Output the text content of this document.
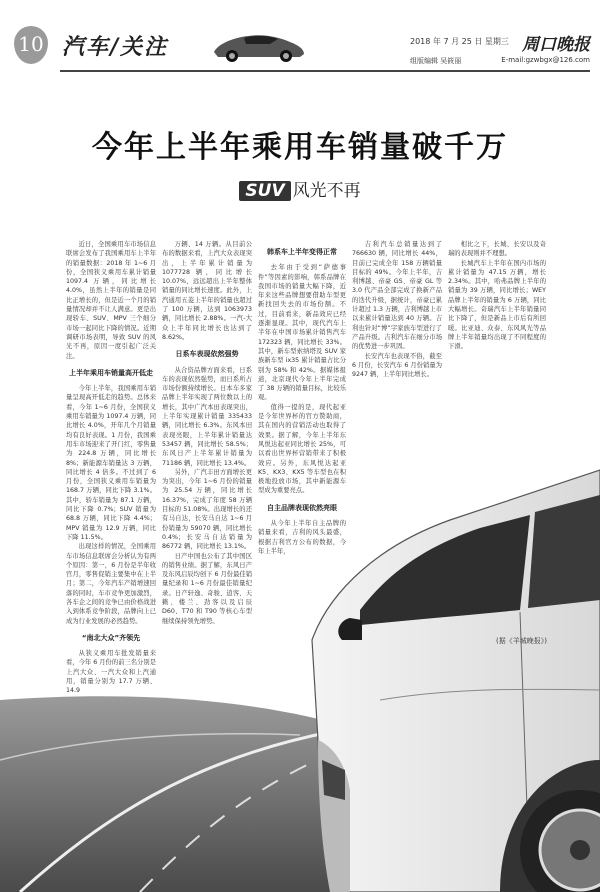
10 汽车/关注	2018 年 7 月 25 日 星期三 周口晚报
组版编辑 吴筱丽	E-mail:gzwbgx@126.com
今年上半年乘用车销量破千万
SUV 风光不再

近日，全国乘用车市场信息联席会发布了我国乘用车上半年的销量数据：2018 年 1~6 月份，全国狭义乘用车累计销量 1097.4 万辆，同比增长 4.0%，虽然上半年的销量是同比正增长的，但是近一个月的销量情况却并不让人满意。更是出现轿车、SUV、MPV 三个细分市场一起同比下降的情况。近期调研市场表明，导致 SUV 的风光不再，原因一度引起广泛关注。

上半年乘用车销量高开低走

今年上半年，我国乘用车销量呈现高开低走的趋势。总体来看，今年 1~6 月份，全国狭义乘用车销量为 1097.4 万辆，同比增长 4.0%，开年几个月销量均有良好表现。1 月份，我国乘用车市场迎来了开门红，零售量为 224.8 万辆，同比增长 8%；新能源车销量达 3 万辆，同比增长 4 倍多。不过到了 6 月份，全国狭义乘用车销量为 168.7 万辆，同比下降 3.1%。其中，轿车销量为 87.1 万辆，同比下降 0.7%；SUV 销量为 68.8 万辆，同比下降 4.4%；MPV 销量为 12.9 万辆，同比下降 11.5%。

出现这样的情况，全国乘用车市场信息联席会分析认为有两个原因：第一，6 月份是半年收官月，零售促销主要集中在上半月；第二，今年汽车产销增速回落的同时，车市竞争更加激烈，各车企之间的竞争已由价格战进入到体系竞争阶段，品牌向上已成为行业发展的必然趋势。

“南北大众”齐领先

从狭义乘用车批发销量来看，今年 6 月份的前三名分别是上汽大众、一汽大众和上汽通用，销量分别为 17.7 万辆、14.9

万辆、14 万辆。从目前公布的数据来看，上汽大众表现突出，上半年累计销量为 1077728 辆，同比增长 10.07%，远远超出上半年整体销量的同比增长速度。此外，上汽通用五菱上半年的销量也超过了 100 万辆，达到 1063973 辆，同比增长 2.88%。一汽-大众上半年同比增长也达到了 8.62%。

日系车表现依然强势

从合资品牌方面来看，日系车的表现依然强势，而日系所占市场份额持续增长。日本车多家品牌上半年实现了两位数以上的增长，其中广汽本田表现突出，上半年实现累计销量 335433 辆，同比增长 6.3%。东风本田表现亮眼，上半年累计销量达 53457 辆，同比增长 58.5%；东风日产上半年累计销量为 71186 辆，同比增长 13.4%。

另外，广汽丰田方面增长更为突出，今年 1~6 月份的销量为 25.54 万辆，同比增长 16.37%，完成了年度 58 万辆目标的 51.08%。出现增长的还有马自达，长安马自达 1~6 月份销量为 59070 辆，同比增长 0.4%；长安马自达销量为 86772 辆，同比增长 13.1%。

日产中国也公布了其中国区的销售业绩。据了解，东风日产及东风启辰均创下 6 月份最佳销量纪录和 1~6 月份最佳销量纪录。日产轩逸、奇骏、逍客、天籁、楼兰、劲客以及启辰 D60、T70 和 T90 等核心车型继续保持领先增势。

韩系车上半年变得正常

去年由于受到“萨德事件”等因素的影响，韩系品牌在我国市场的销量大幅下降，近年来这些品牌想要借助车型更新找回失去的市场份额。不过，目前看来，新品效应已经逐渐显现。其中，现代汽车上半年在中国市场累计销售汽车 172323 辆，同比增长 33%。其中，新车型索纳塔及 SUV 家族新车型 ix35 累计销量占比分别为 58% 和 42%。据媒体报道，北京现代今年上半年完成了 38 万辆的销量目标，比较乐观。

值得一提的是，现代起亚是今年世界杯的官方赞助商，其在国内的营销活动也取得了效果。据了解，今年上半年东风悦达起亚同比增长 25%，可以看出世界杯营销带来了积极效应。另外，东风悦达起亚 K5、KX3、KX5 等车型也在积极地投放市场，其中新能源车型成为重要亮点。

自主品牌表现依然亮眼

从今年上半年自主品牌的销量来看，吉利的风头最盛，根据吉利官方公布的数据，今年上半年，

吉利汽车总销量达到了 766630 辆，同比增长 44%，目前已完成全年 158 万辆销量目标的 49%。今年上半年，吉利博越、帝豪 GS、帝豪 GL 等 3.0 代产品全部完成了换新产品的迭代升级，据统计，帝豪已累计超过 1.3 万辆，吉利博越上市以来累计销量达到 40 万辆。吉利也针对“博”字家族车型进行了产品升级。吉利汽车在细分市场的优势进一步巩固。

长安汽车也表现不俗，截至 6 月份，长安汽车 6 月份销量为 9247 辆，上半年同比增长。

相比之下，长城、长安以及奇瑞的表现则并不理想。

长城汽车上半年在国内市场的累计销量为 47.15 万辆，增长 2.34%。其中，哈弗品牌上半年的销量为 39 万辆，同比增长；WEY 品牌上半年的销量为 6 万辆，同比大幅增长。奇瑞汽车上半年销量同比下降了，但是新品上市后有所回暖。比亚迪、众泰、东风风光等品牌上半年销量均出现了不同程度的下滑。

(据《羊城晚报》)
